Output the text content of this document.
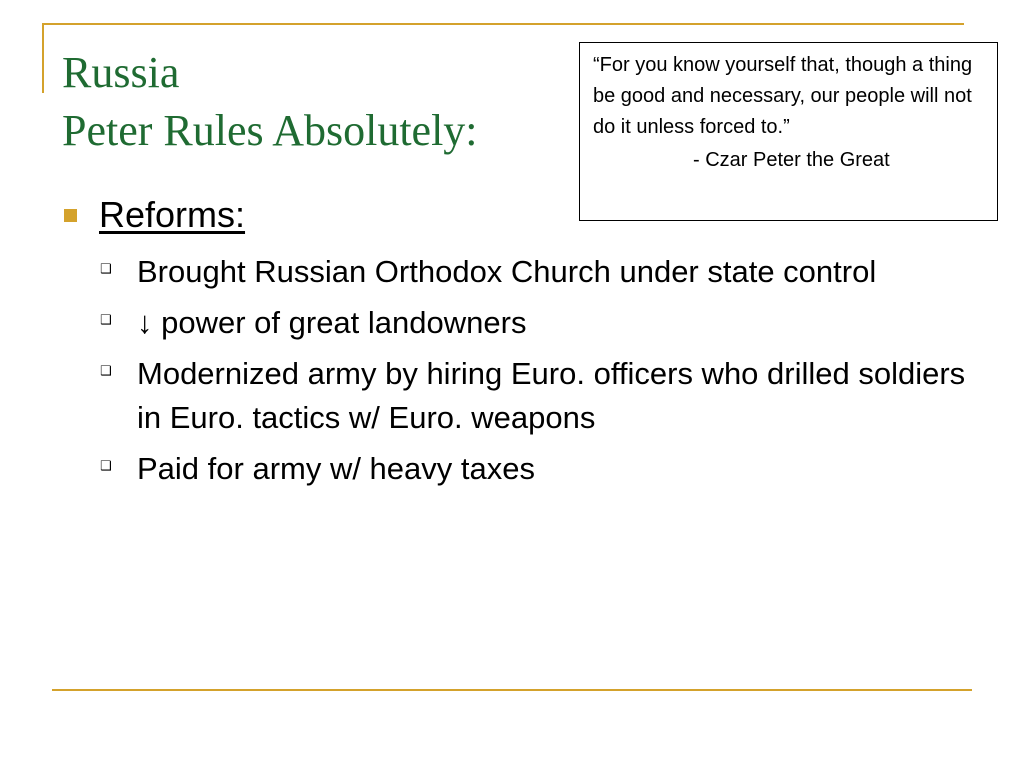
Russia
Peter Rules Absolutely:

“For you know yourself that, though a thing be good and necessary, our people will not do it unless forced to.”

- Czar Peter the Great

Reforms:
❑ Brought Russian Orthodox Church under state control
❑ ↓ power of great landowners
❑ Modernized army by hiring Euro. officers who drilled soldiers in Euro. tactics w/ Euro. weapons
❑ Paid for army w/ heavy taxes
